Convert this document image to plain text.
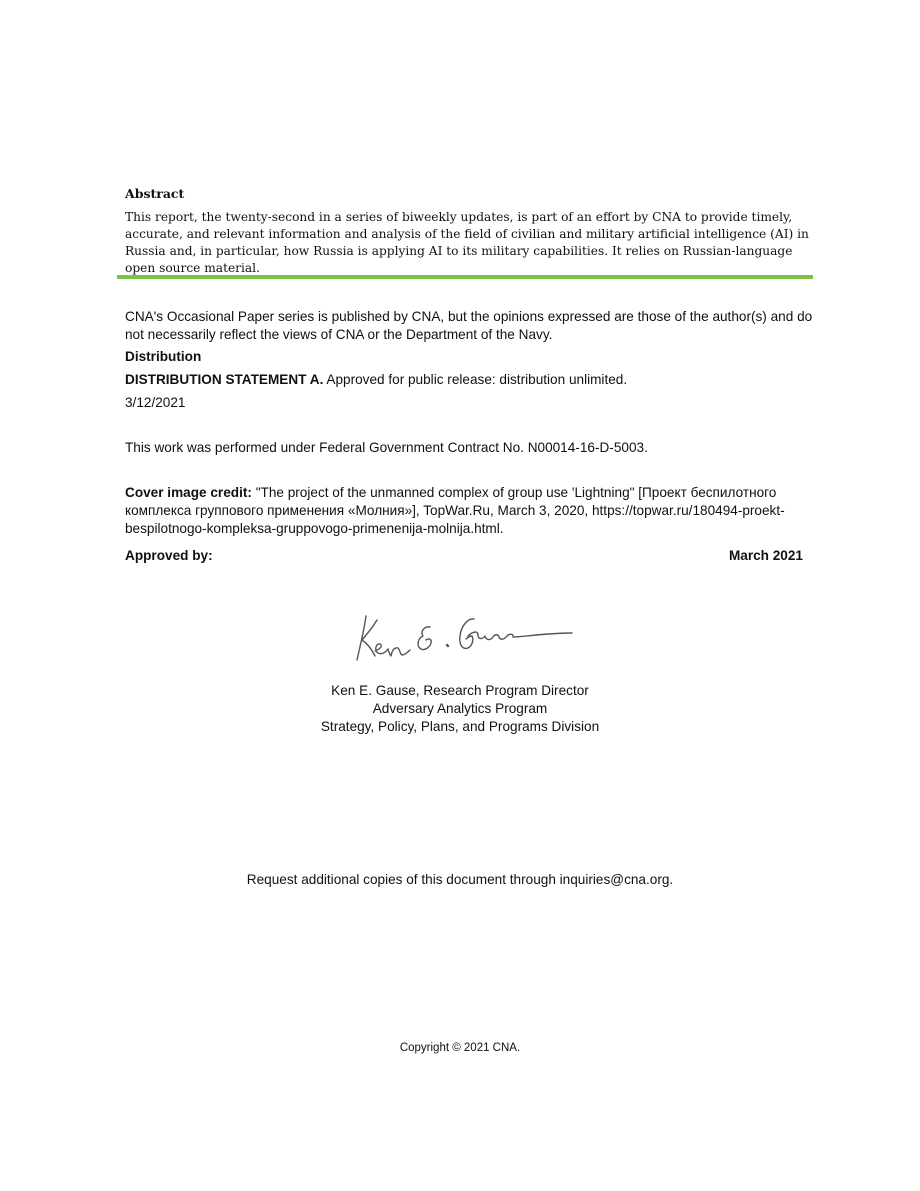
Abstract
This report, the twenty-second in a series of biweekly updates, is part of an effort by CNA to provide timely, accurate, and relevant information and analysis of the field of civilian and military artificial intelligence (AI) in Russia and, in particular, how Russia is applying AI to its military capabilities. It relies on Russian-language open source material.
CNA's Occasional Paper series is published by CNA, but the opinions expressed are those of the author(s) and do not necessarily reflect the views of CNA or the Department of the Navy.
Distribution
DISTRIBUTION STATEMENT A. Approved for public release: distribution unlimited.
3/12/2021
This work was performed under Federal Government Contract No. N00014-16-D-5003.
Cover image credit: "The project of the unmanned complex of group use 'Lightning" [Проект беспилотного комплекса группового применения «Молния»], TopWar.Ru, March 3, 2020, https://topwar.ru/180494-proekt-bespilotnogo-kompleksa-gruppovogo-primenenija-molnija.html.
Approved by:	March 2021
Ken E. Gause, Research Program Director
Adversary Analytics Program
Strategy, Policy, Plans, and Programs Division
Request additional copies of this document through inquiries@cna.org.
Copyright © 2021 CNA.
